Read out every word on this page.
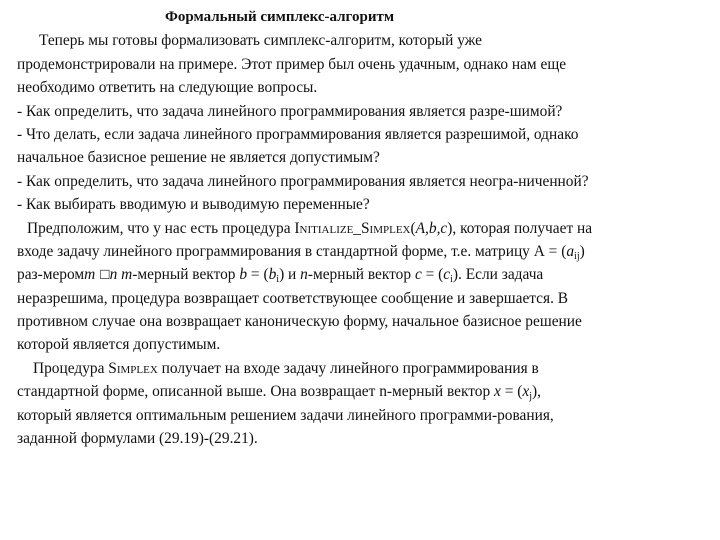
Формальный симплекс-алгоритм
Теперь мы готовы формализовать симплекс-алгоритм, который уже
продемонстрировали на примере. Этот пример был очень удачным, однако нам еще
необходимо ответить на следующие вопросы.
- Как определить, что задача линейного программирования является разре-шимой?
- Что делать, если задача линейного программирования является разрешимой, однако
начальное базисное решение не является допустимым?
- Как определить, что задача линейного программирования является неогра-ниченной?
- Как выбирать вводимую и выводимую переменные?
Предположим, что у нас есть процедура Initialize_Simplex(A,b,c), которая получает на
входе задачу линейного программирования в стандартной форме, т.е. матрицу $А = (a_{ij})$
раз-меромт □n т-мерный вектор $b = (b_i)$ и n-мерный вектор $c = (c_i)$. Если задача
неразрешима, процедура возвращает соответствующее сообщение и завершается. В
противном случае она возвращает каноническую форму, начальное базисное решение
которой является допустимым.
Процедура Simplex получает на входе задачу линейного программирования в
стандартной форме, описанной выше. Она возвращает n-мерный вектор $x = (x_j)$,
который является оптимальным решением задачи линейного программи-рования,
заданной формулами (29.19)-(29.21).
